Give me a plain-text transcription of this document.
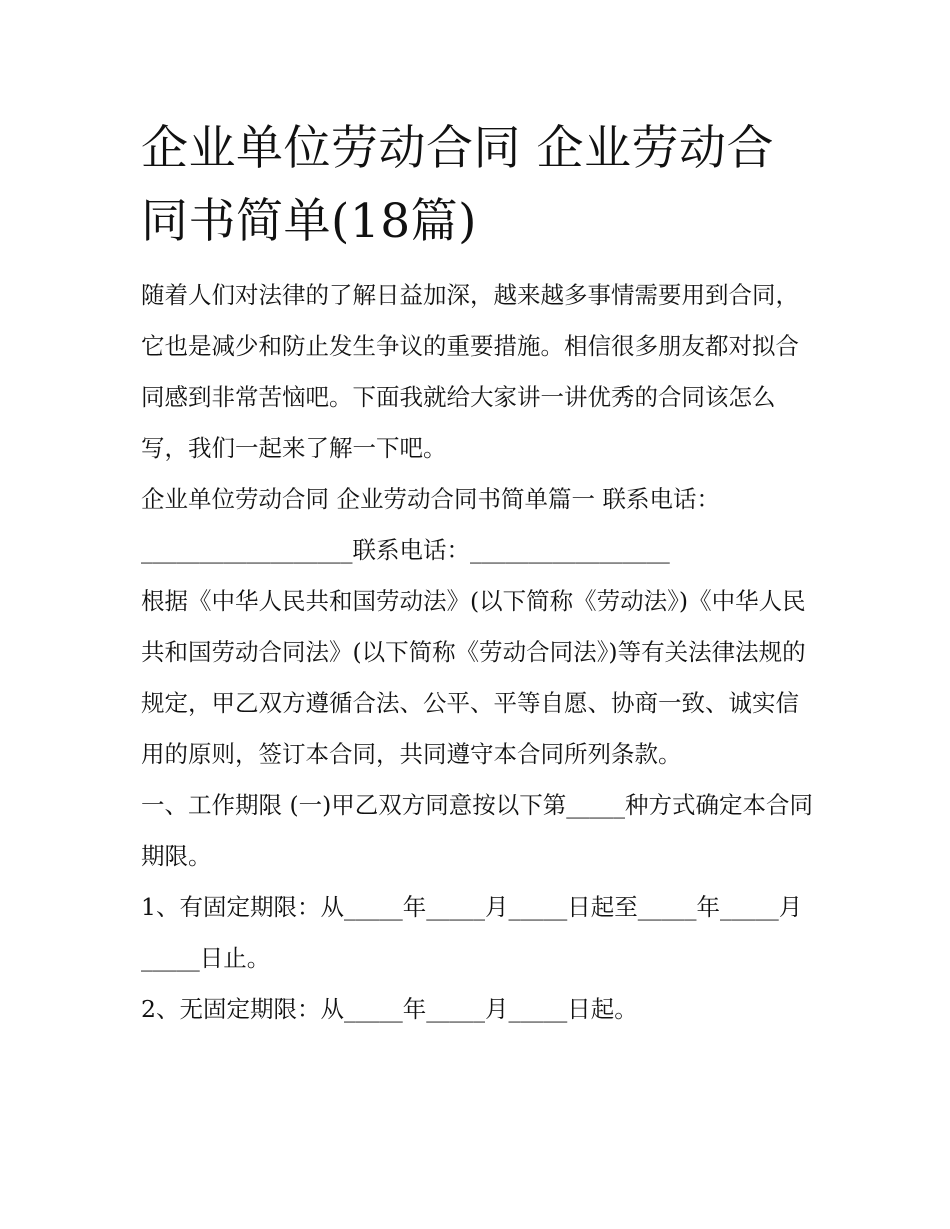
企业单位劳动合同 企业劳动合同书简单(18篇)

随着人们对法律的了解日益加深，越来越多事情需要用到合同，它也是减少和防止发生争议的重要措施。相信很多朋友都对拟合同感到非常苦恼吧。下面我就给大家讲一讲优秀的合同该怎么写，我们一起来了解一下吧。

企业单位劳动合同 企业劳动合同书简单篇一 联系电话：

__________________联系电话：_________________

根据《中华人民共和国劳动法》(以下简称《劳动法》)《中华人民共和国劳动合同法》(以下简称《劳动合同法》)等有关法律法规的规定，甲乙双方遵循合法、公平、平等自愿、协商一致、诚实信用的原则，签订本合同，共同遵守本合同所列条款。

一、工作期限 (一)甲乙双方同意按以下第_____种方式确定本合同期限。

1、有固定期限：从_____年_____月_____日起至_____年_____月_____日止。

2、无固定期限：从_____年_____月_____日起。
